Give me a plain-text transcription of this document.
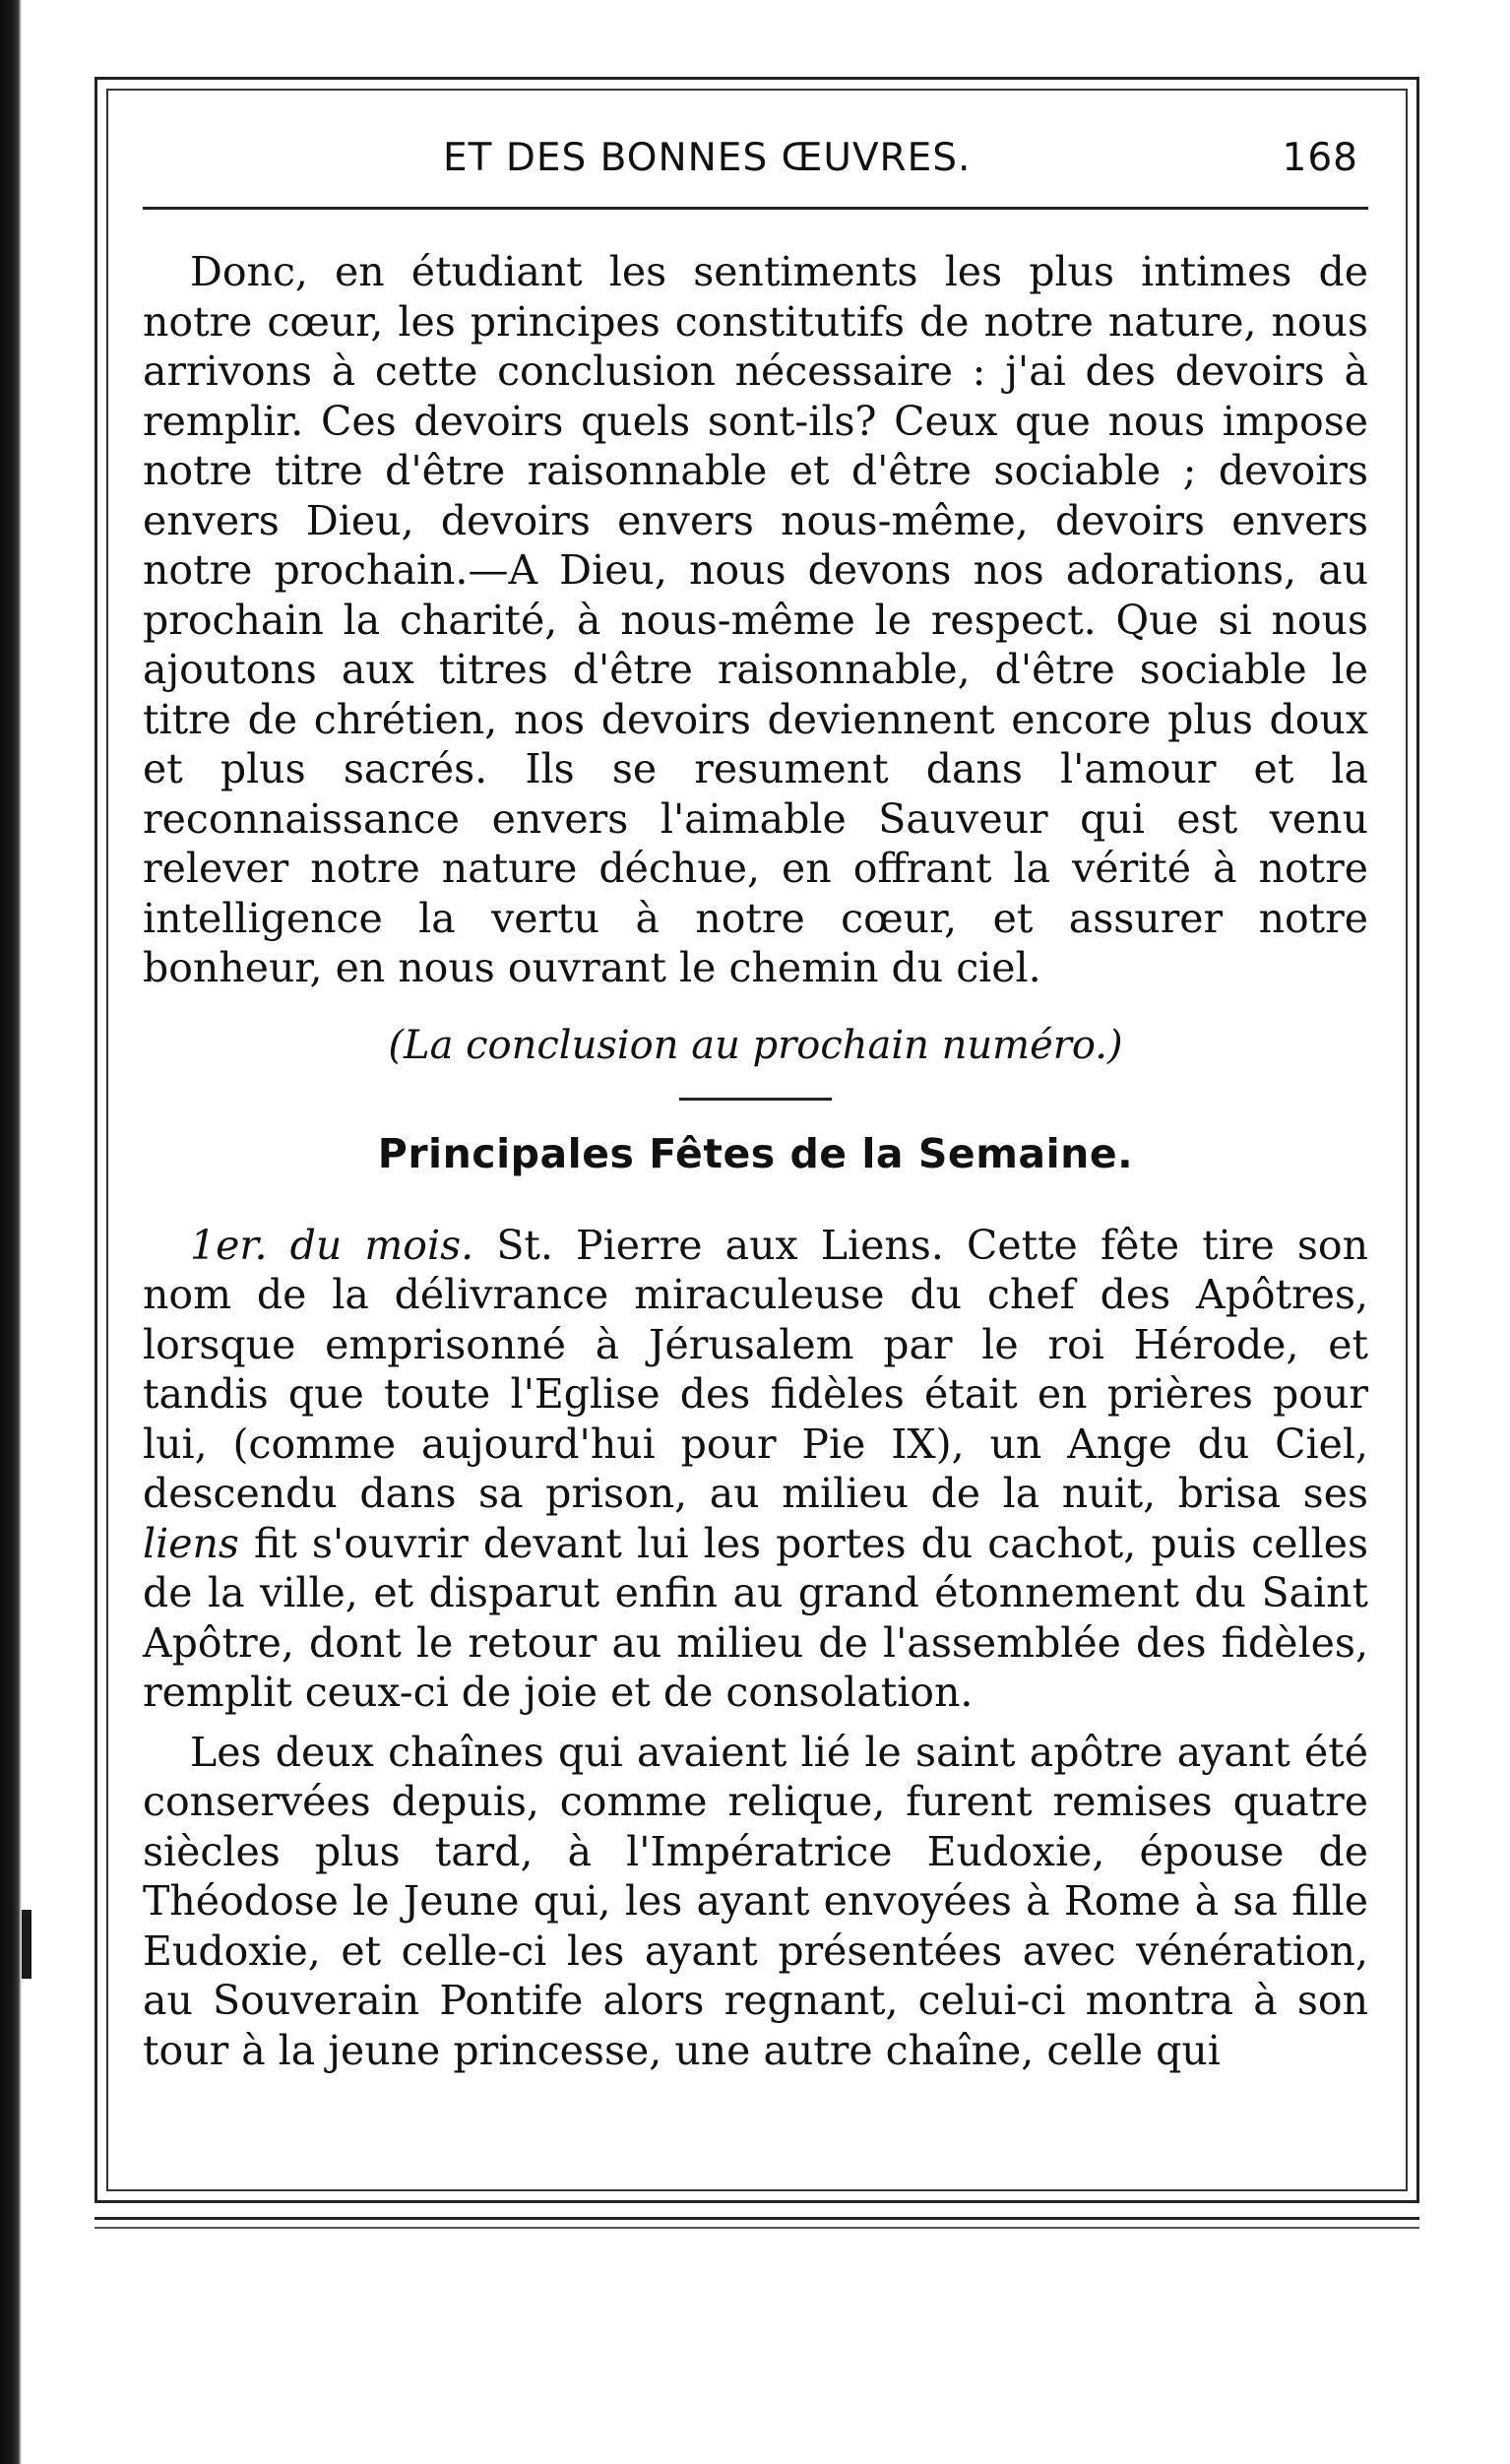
ET DES BONNES ŒUVRES.	168

Donc, en étudiant les sentiments les plus intimes de notre cœur, les principes constitutifs de notre nature, nous arrivons à cette conclusion nécessaire : j'ai des devoirs à remplir. Ces devoirs quels sont-ils? Ceux que nous impose notre titre d'être raisonnable et d'être sociable ; devoirs envers Dieu, devoirs envers nous-même, devoirs envers notre prochain.—A Dieu, nous devons nos adorations, au prochain la charité, à nous-même le respect. Que si nous ajoutons aux titres d'être raisonnable, d'être sociable le titre de chrétien, nos devoirs deviennent encore plus doux et plus sacrés. Ils se resument dans l'amour et la reconnaissance envers l'aimable Sauveur qui est venu relever notre nature déchue, en offrant la vérité à notre intelligence la vertu à notre cœur, et assurer notre bonheur, en nous ouvrant le chemin du ciel.

(La conclusion au prochain numéro.)
Principales Fêtes de la Semaine.

1er. du mois. St. Pierre aux Liens. Cette fête tire son nom de la délivrance miraculeuse du chef des Apôtres, lorsque emprisonné à Jérusalem par le roi Hérode, et tandis que toute l'Eglise des fidèles était en prières pour lui, (comme aujourd'hui pour Pie IX), un Ange du Ciel, descendu dans sa prison, au milieu de la nuit, brisa ses liens fit s'ouvrir devant lui les portes du cachot, puis celles de la ville, et disparut enfin au grand étonnement du Saint Apôtre, dont le retour au milieu de l'assemblée des fidèles, remplit ceux-ci de joie et de consolation.

Les deux chaînes qui avaient lié le saint apôtre ayant été conservées depuis, comme relique, furent remises quatre siècles plus tard, à l'Impératrice Eudoxie, épouse de Théodose le Jeune qui, les ayant envoyées à Rome à sa fille Eudoxie, et celle-ci les ayant présentées avec vénération, au Souverain Pontife alors regnant, celui-ci montra à son tour à la jeune princesse, une autre chaîne, celle qui
